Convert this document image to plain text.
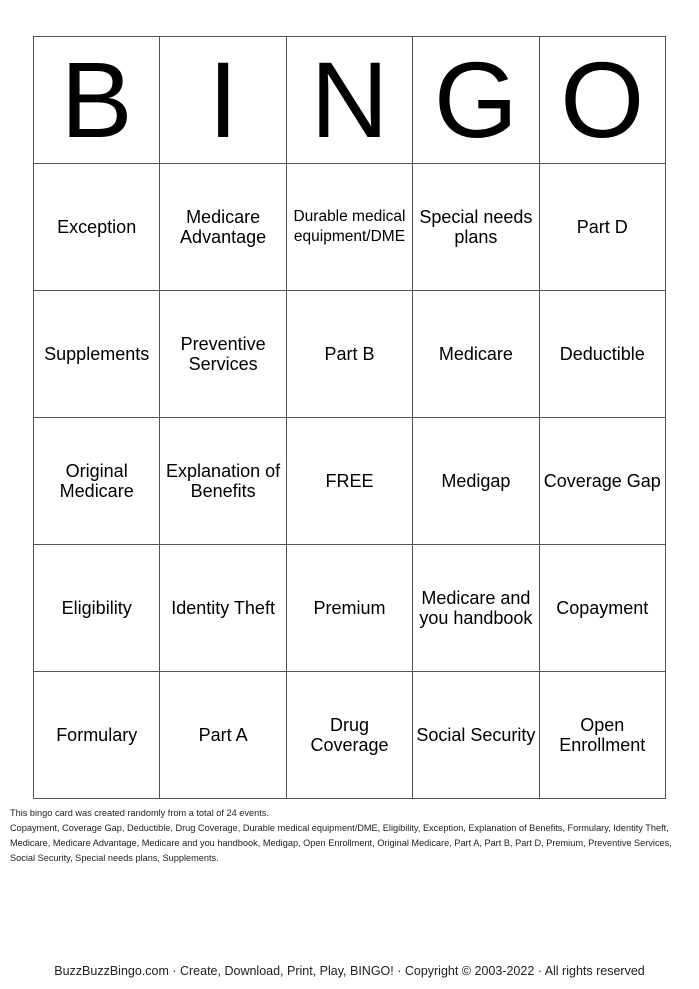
B	I	N	G	O
Exception	Medicare Advantage	Durable medical equipment/DME	Special needs plans	Part D
Supplements	Preventive Services	Part B	Medicare	Deductible
Original Medicare	Explanation of Benefits	FREE	Medigap	Coverage Gap
Eligibility	Identity Theft	Premium	Medicare and you handbook	Copayment
Formulary	Part A	Drug Coverage	Social Security	Open Enrollment

This bingo card was created randomly from a total of 24 events.

Copayment, Coverage Gap, Deductible, Drug Coverage, Durable medical equipment/DME, Eligibility, Exception, Explanation of Benefits, Formulary, Identity Theft, Medicare, Medicare Advantage, Medicare and you handbook, Medigap, Open Enrollment, Original Medicare, Part A, Part B, Part D, Premium, Preventive Services, Social Security, Special needs plans, Supplements.

BuzzBuzzBingo.com · Create, Download, Print, Play, BINGO! · Copyright © 2003-2022 · All rights reserved
